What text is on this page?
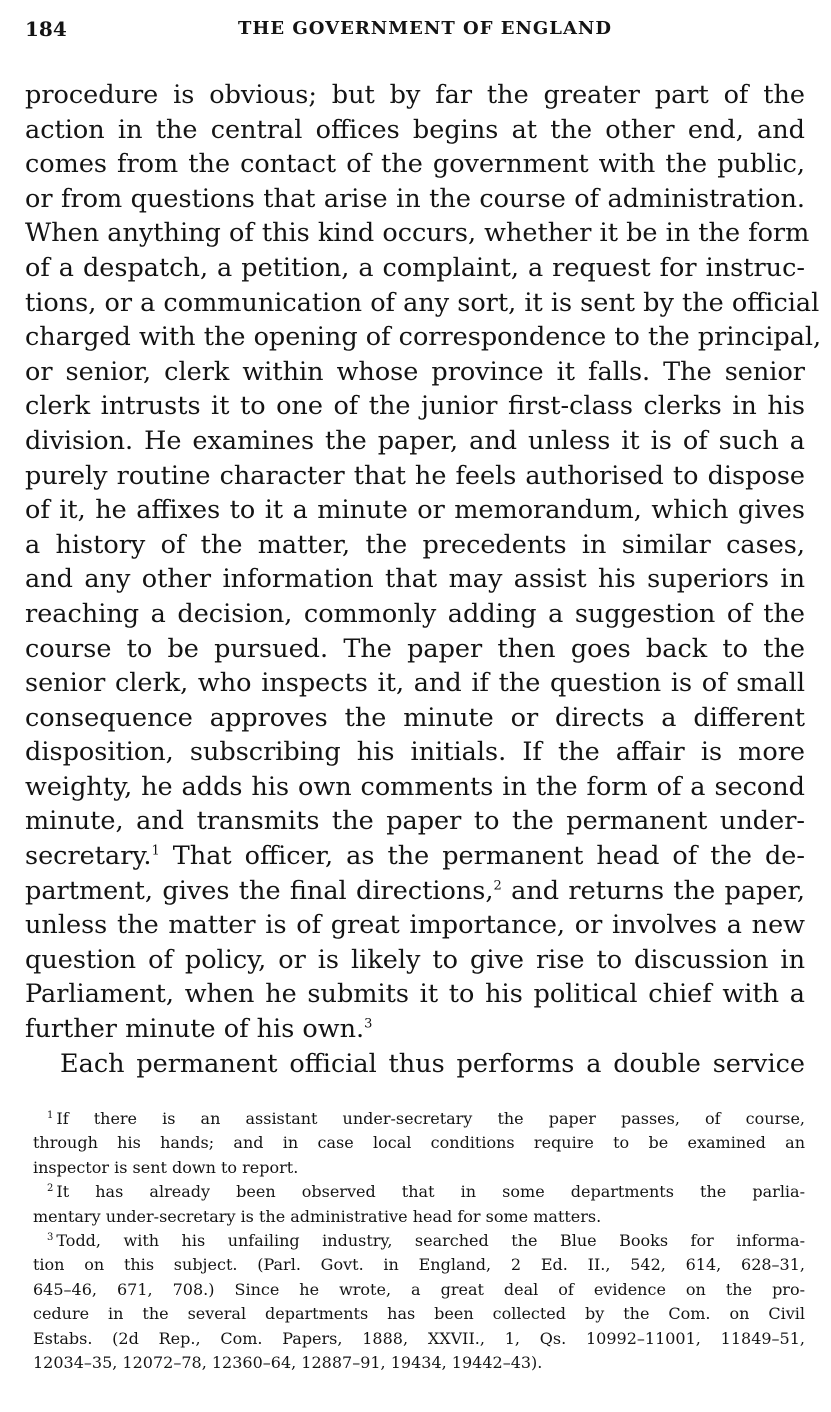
184	THE GOVERNMENT OF ENGLAND
procedure is obvious; but by far the greater part of the
action in the central offices begins at the other end, and
comes from the contact of the government with the public,
or from questions that arise in the course of administration.
When anything of this kind occurs, whether it be in the form
of a despatch, a petition, a complaint, a request for instruc-
tions, or a communication of any sort, it is sent by the official
charged with the opening of correspondence to the principal,
or senior, clerk within whose province it falls. The senior
clerk intrusts it to one of the junior first-class clerks in his
division. He examines the paper, and unless it is of such a
purely routine character that he feels authorised to dispose
of it, he affixes to it a minute or memorandum, which gives
a history of the matter, the precedents in similar cases,
and any other information that may assist his superiors in
reaching a decision, commonly adding a suggestion of the
course to be pursued. The paper then goes back to the
senior clerk, who inspects it, and if the question is of small
consequence approves the minute or directs a different
disposition, subscribing his initials. If the affair is more
weighty, he adds his own comments in the form of a second
minute, and transmits the paper to the permanent under-
secretary.$^1$ That officer, as the permanent head of the de-
partment, gives the final directions,$^2$ and returns the paper,
unless the matter is of great importance, or involves a new
question of policy, or is likely to give rise to discussion in
Parliament, when he submits it to his political chief with a
further minute of his own.$^3$
Each permanent official thus performs a double service
$^1$ If there is an assistant under-secretary the paper passes, of course,
through his hands; and in case local conditions require to be examined an
inspector is sent down to report.
$^2$ It has already been observed that in some departments the parlia-
mentary under-secretary is the administrative head for some matters.
$^3$ Todd, with his unfailing industry, searched the Blue Books for informa-
tion on this subject. (Parl. Govt. in England, 2 Ed. II., 542, 614, 628–31,
645–46, 671, 708.) Since he wrote, a great deal of evidence on the pro-
cedure in the several departments has been collected by the Com. on Civil
Estabs. (2d Rep., Com. Papers, 1888, XXVII., 1, Qs. 10992–11001, 11849–51,
12034–35, 12072–78, 12360–64, 12887–91, 19434, 19442–43).
